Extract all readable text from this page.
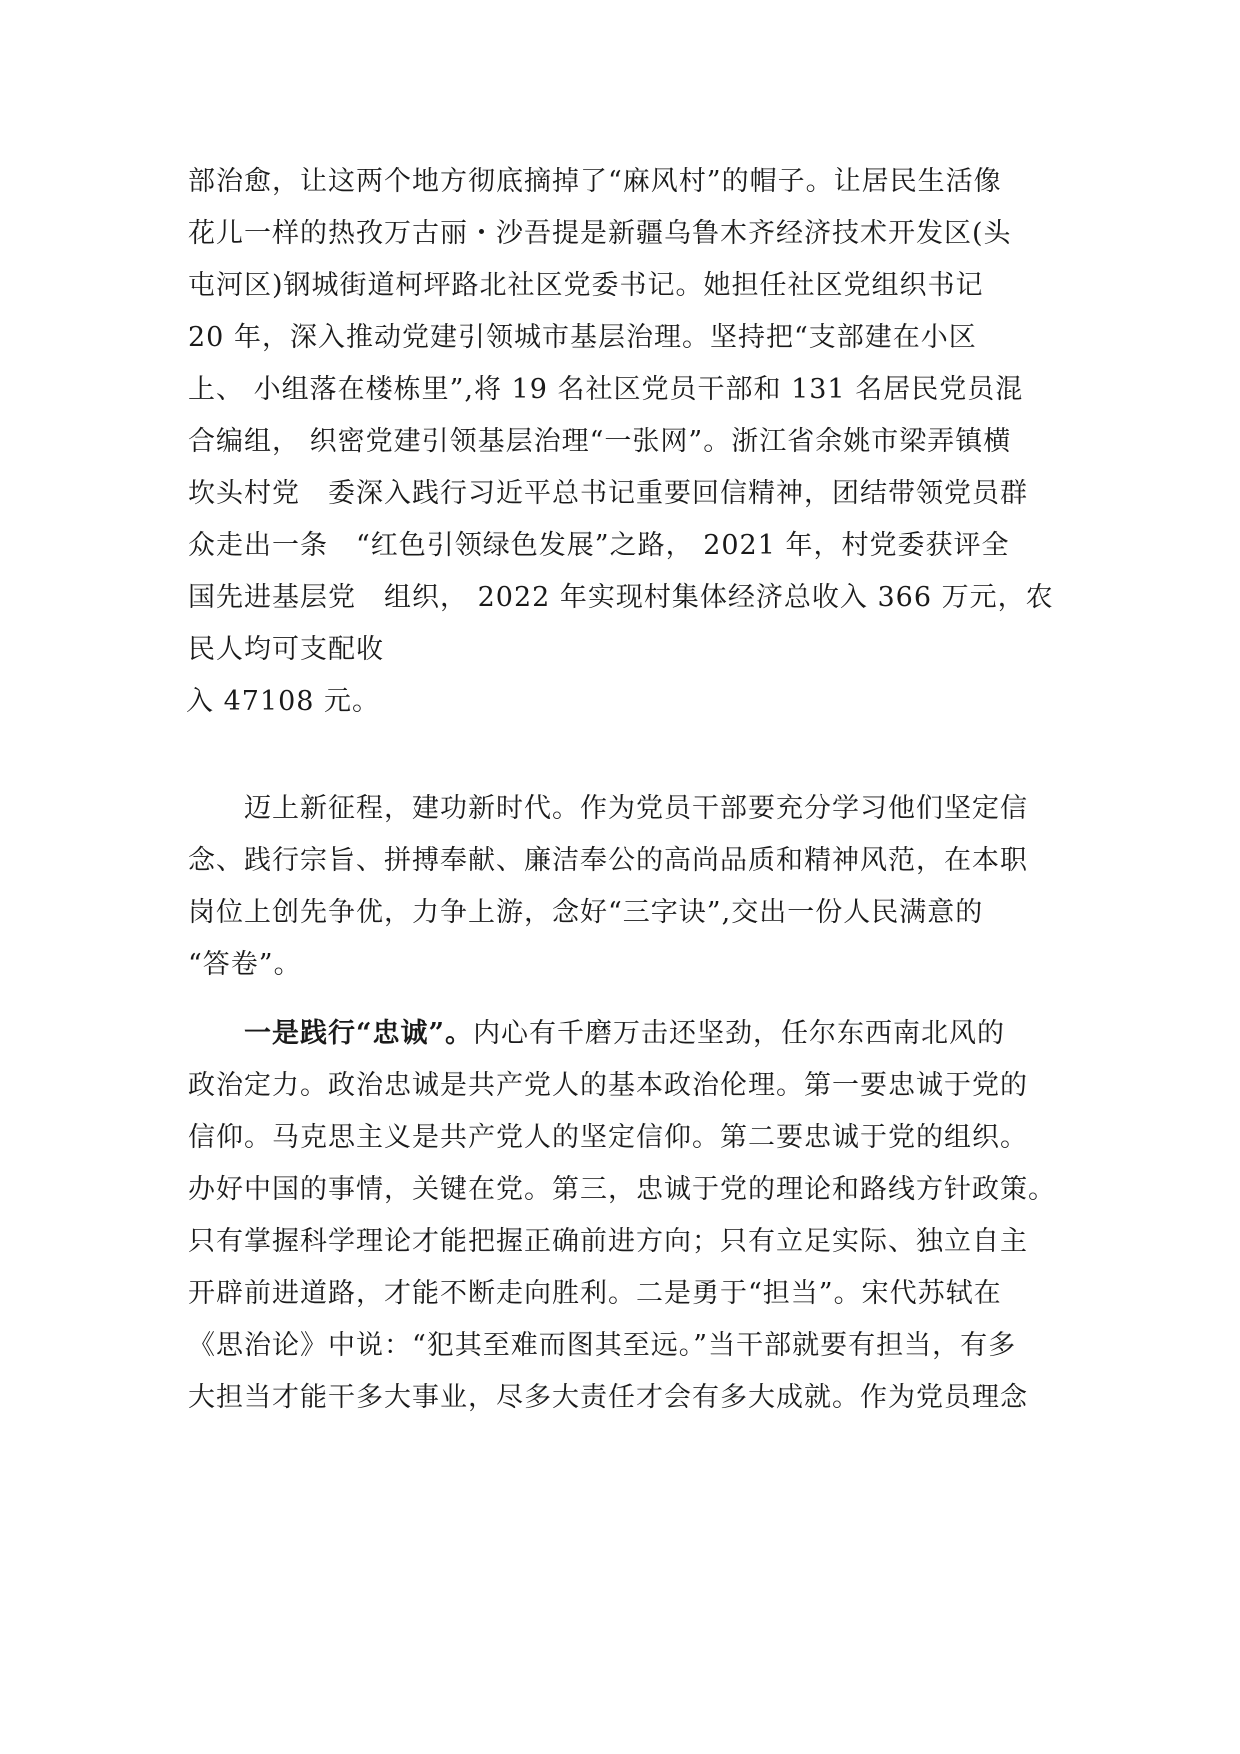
部治愈，让这两个地方彻底摘掉了“麻风村”的帽子。让居民生活像
花儿一样的热孜万古丽・沙吾提是新疆乌鲁木齐经济技术开发区(头
屯河区)钢城街道柯坪路北社区党委书记。她担任社区党组织书记
20 年，深入推动党建引领城市基层治理。坚持把“支部建在小区
上、 小组落在楼栋里”,将 19 名社区党员干部和 131 名居民党员混
合编组， 织密党建引领基层治理“一张网”。浙江省余姚市梁弄镇横
坎头村党　委深入践行习近平总书记重要回信精神，团结带领党员群
众走出一条　“红色引领绿色发展”之路， 2021 年，村党委获评全
国先进基层党　组织， 2022 年实现村集体经济总收入 366 万元，农
民人均可支配收
入 47108 元。
　　迈上新征程，建功新时代。作为党员干部要充分学习他们坚定信
念、践行宗旨、拼搏奉献、廉洁奉公的高尚品质和精神风范，在本职
岗位上创先争优，力争上游，念好“三字诀”,交出一份人民满意的
“答卷”。
　　一是践行“忠诚”。内心有千磨万击还坚劲，任尔东西南北风的
政治定力。政治忠诚是共产党人的基本政治伦理。第一要忠诚于党的
信仰。马克思主义是共产党人的坚定信仰。第二要忠诚于党的组织。
办好中国的事情，关键在党。第三，忠诚于党的理论和路线方针政策。
只有掌握科学理论才能把握正确前进方向；只有立足实际、独立自主
开辟前进道路，才能不断走向胜利。二是勇于“担当”。宋代苏轼在
《思治论》中说：“犯其至难而图其至远。”当干部就要有担当，有多
大担当才能干多大事业，尽多大责任才会有多大成就。作为党员理念
